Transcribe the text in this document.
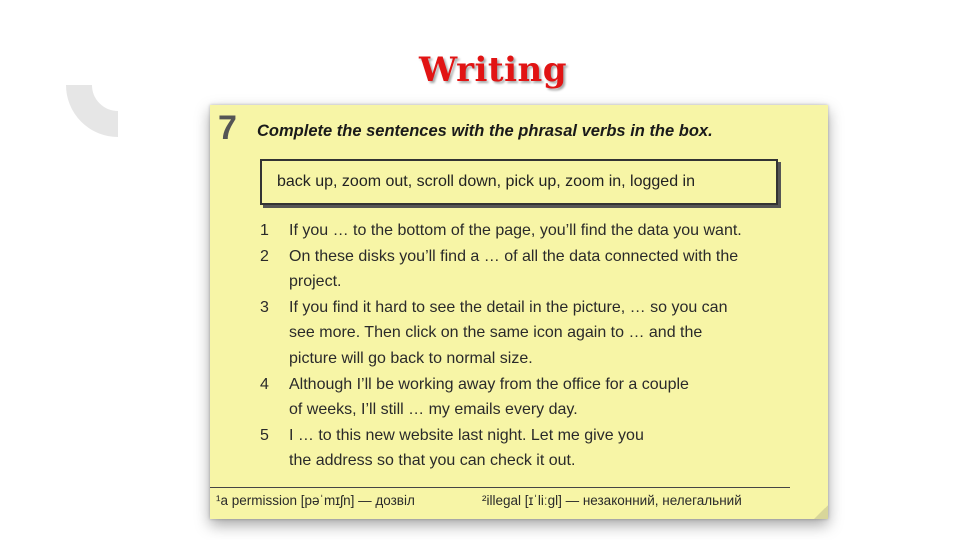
Writing
7 Complete the sentences with the phrasal verbs in the box.
back up, zoom out, scroll down, pick up, zoom in, logged in
1 If you … to the bottom of the page, you’ll find the data you want.
2 On these disks you’ll find a … of all the data connected with the
project.
3 If you find it hard to see the detail in the picture, … so you can
see more. Then click on the same icon again to … and the
picture will go back to normal size.
4 Although I’ll be working away from the office for a couple
of weeks, I’ll still … my emails every day.
5 I … to this new website last night. Let me give you
the address so that you can check it out.
¹a permission [pəˈmɪʃn] — дозвіл	²illegal [ɪˈliːgl] — незаконний, нелегальний
